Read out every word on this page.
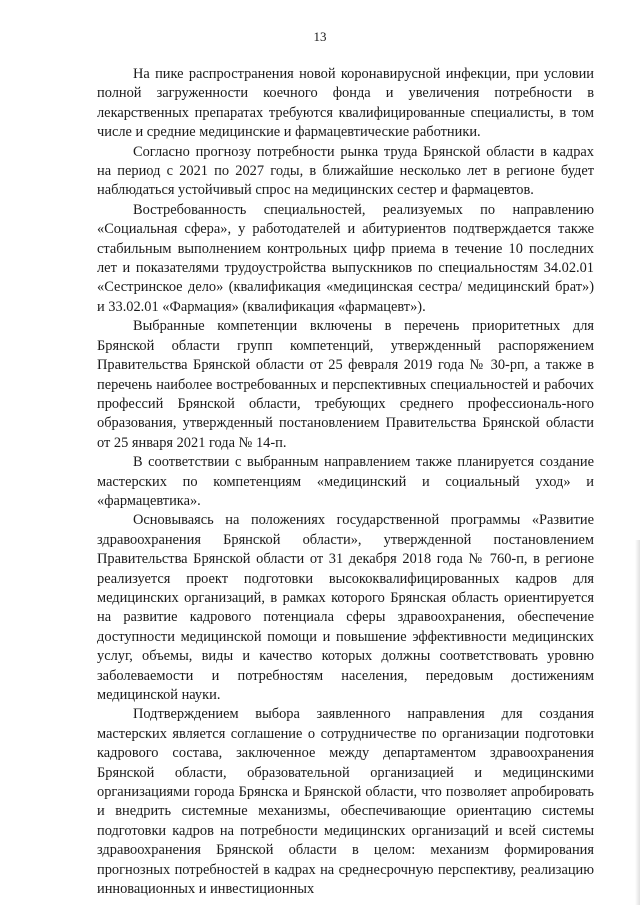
13

На пике распространения новой коронавирусной инфекции, при условии полной загруженности коечного фонда и увеличения потребности в лекарственных препаратах требуются квалифицированные специалисты, в том числе и средние медицинские и фармацевтические работники.

Согласно прогнозу потребности рынка труда Брянской области в кадрах на период с 2021 по 2027 годы, в ближайшие несколько лет в регионе будет наблюдаться устойчивый спрос на медицинских сестер и фармацевтов.

Востребованность специальностей, реализуемых по направлению «Социальная сфера», у работодателей и абитуриентов подтверждается также стабильным выполнением контрольных цифр приема в течение 10 последних лет и показателями трудоустройства выпускников по специальностям 34.02.01 «Сестринское дело» (квалификация «медицинская сестра/ медицинский брат») и 33.02.01 «Фармация» (квалификация «фармацевт»).

Выбранные компетенции включены в перечень приоритетных для Брянской области групп компетенций, утвержденный распоряжением Правительства Брянской области от 25 февраля 2019 года № 30-рп, а также в перечень наиболее востребованных и перспективных специальностей и рабочих профессий Брянской области, требующих среднего профессиональ-ного образования, утвержденный постановлением Правительства Брянской области от 25 января 2021 года № 14-п.

В соответствии с выбранным направлением также планируется создание мастерских по компетенциям «медицинский и социальный уход» и «фармацевтика».

Основываясь на положениях государственной программы «Развитие здравоохранения Брянской области», утвержденной постановлением Правительства Брянской области от 31 декабря 2018 года № 760-п, в регионе реализуется проект подготовки высококвалифицированных кадров для медицинских организаций, в рамках которого Брянская область ориентируется на развитие кадрового потенциала сферы здравоохранения, обеспечение доступности медицинской помощи и повышение эффективности медицинских услуг, объемы, виды и качество которых должны соответствовать уровню заболеваемости и потребностям населения, передовым достижениям медицинской науки.

Подтверждением выбора заявленного направления для создания мастерских является соглашение о сотрудничестве по организации подготовки кадрового состава, заключенное между департаментом здравоохранения Брянской области, образовательной организацией и медицинскими организациями города Брянска и Брянской области, что позволяет апробировать и внедрить системные механизмы, обеспечивающие ориентацию системы подготовки кадров на потребности медицинских организаций и всей системы здравоохранения Брянской области в целом: механизм формирования прогнозных потребностей в кадрах на среднесрочную перспективу, реализацию инновационных и инвестиционных
